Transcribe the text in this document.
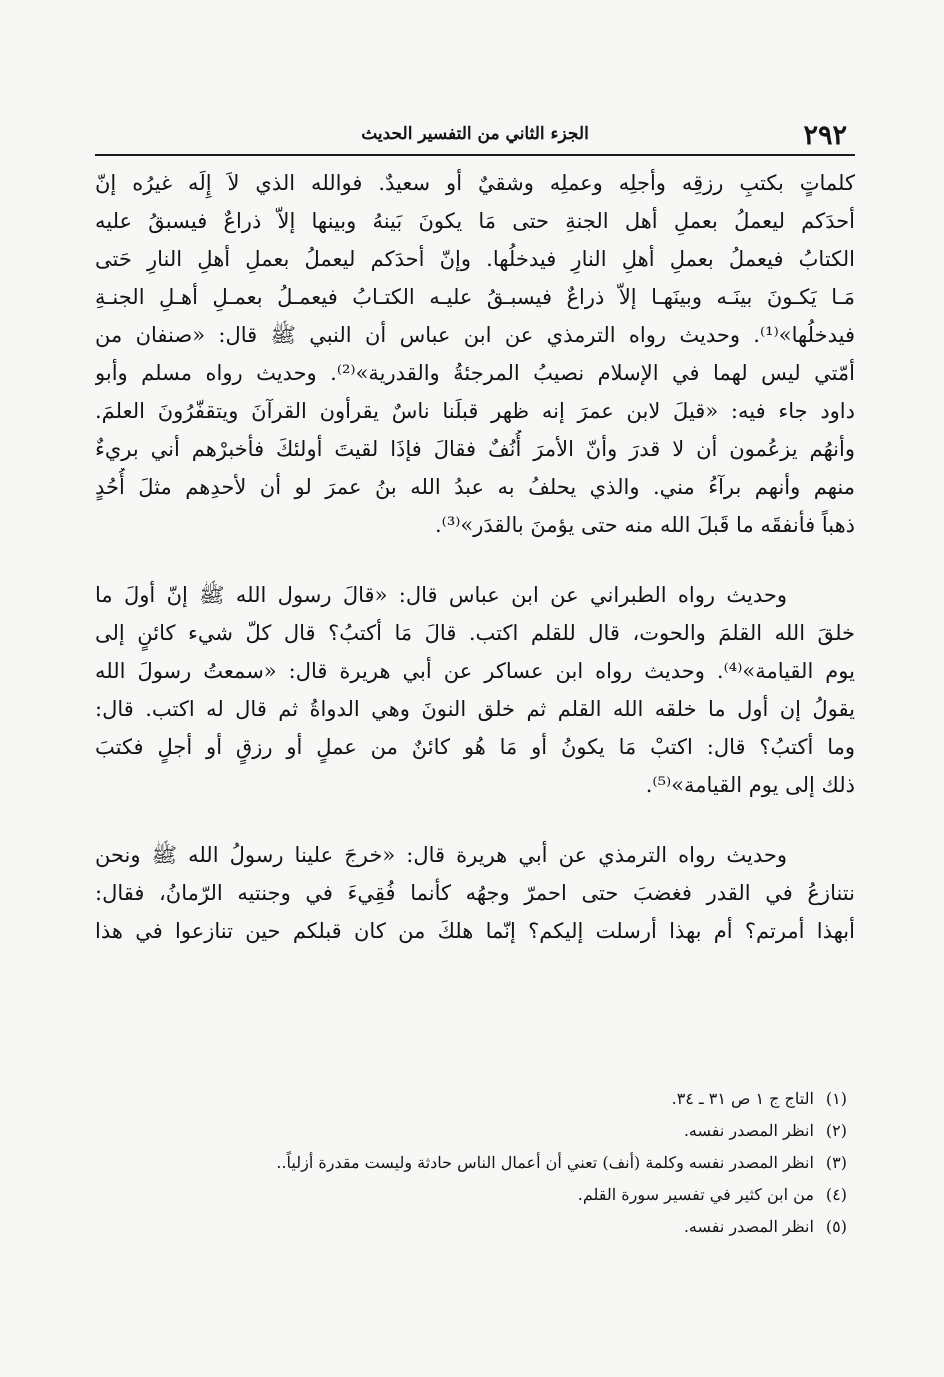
٢٩٢
الجزء الثاني من التفسير الحديث

كلماتٍ بكتبِ رزقِه وأجلِه وعملِه وشقيٌ أو سعيدٌ. فوالله الذي لاَ إِلَه غيرُه إنّ
أحدَكم ليعملُ بعملِ أهل الجنةِ حتى مَا يكونَ بَينهُ وبينها إلاّ ذراعٌ فيسبقُ عليه
الكتابُ فيعملُ بعملِ أهلِ النارِ فيدخلُها. وإنّ أحدَكم ليعملُ بعملِ أهلِ النارِ حَتى
مَـا يَكـونَ بينَـه وبينَهـا إلاّ ذراعٌ فيسبـقُ عليـه الكتـابُ فيعمـلُ بعمـلِ أهـلِ الجنـةِ
فيدخلُها»⁽¹⁾. وحديث رواه الترمذي عن ابن عباس أن النبي ﷺ قال: «صنفان من
أمّتي ليس لهما في الإسلام نصيبُ المرجئةُ والقدرية»⁽²⁾. وحديث رواه مسلم وأبو
داود جاء فيه: «قيلَ لابن عمرَ إنه ظهر قبلَنا ناسٌ يقرأون القرآنَ ويتقفّرُونَ العلمَ.
وأنهُم يزعُمون أن لا قدرَ وأنّ الأمرَ أُنُفٌ فقالَ فإذَا لقيتَ أولئكَ فأخبرْهم أني بريءٌ
منهم وأنهم برآءُ مني. والذي يحلفُ به عبدُ الله بنُ عمرَ لو أن لأحدِهم مثلَ أُحُدٍ
ذهباً فأنفقَه ما قَبلَ الله منه حتى يؤمنَ بالقدَر»⁽³⁾.

وحديث رواه الطبراني عن ابن عباس قال: «قالَ رسول الله ﷺ إنّ أولَ ما
خلقَ الله القلمَ والحوت، قال للقلم اكتب. قالَ مَا أكتبُ؟ قال كلّ شيء كائنٍ إلى
يوم القيامة»⁽⁴⁾. وحديث رواه ابن عساكر عن أبي هريرة قال: «سمعتُ رسولَ الله
يقولُ إن أول ما خلقه الله القلم ثم خلق النونَ وهي الدواةُ ثم قال له اكتب. قال:
وما أكتبُ؟ قال: اكتبْ مَا يكونُ أو مَا هُو كائنٌ من عملٍ أو رزقٍ أو أجلٍ فكتبَ
ذلك إلى يوم القيامة»⁽⁵⁾.

وحديث رواه الترمذي عن أبي هريرة قال: «خرجَ علينا رسولُ الله ﷺ ونحن
نتنازعُ في القدر فغضبَ حتى احمرّ وجهُه كأنما فُقِيءَ في وجنتيه الرّمانُ، فقال:
أبهذا أمرتم؟ أم بهذا أرسلت إليكم؟ إنّما هلكَ من كان قبلكم حين تنازعوا في هذا

(١) التاج ج ١ ص ٣١ ـ ٣٤.

(٢) انظر المصدر نفسه.

(٣) انظر المصدر نفسه وكلمة (أنف) تعني أن أعمال الناس حادثة وليست مقدرة أزلياً..

(٤) من ابن كثير في تفسير سورة القلم.

(٥) انظر المصدر نفسه.
